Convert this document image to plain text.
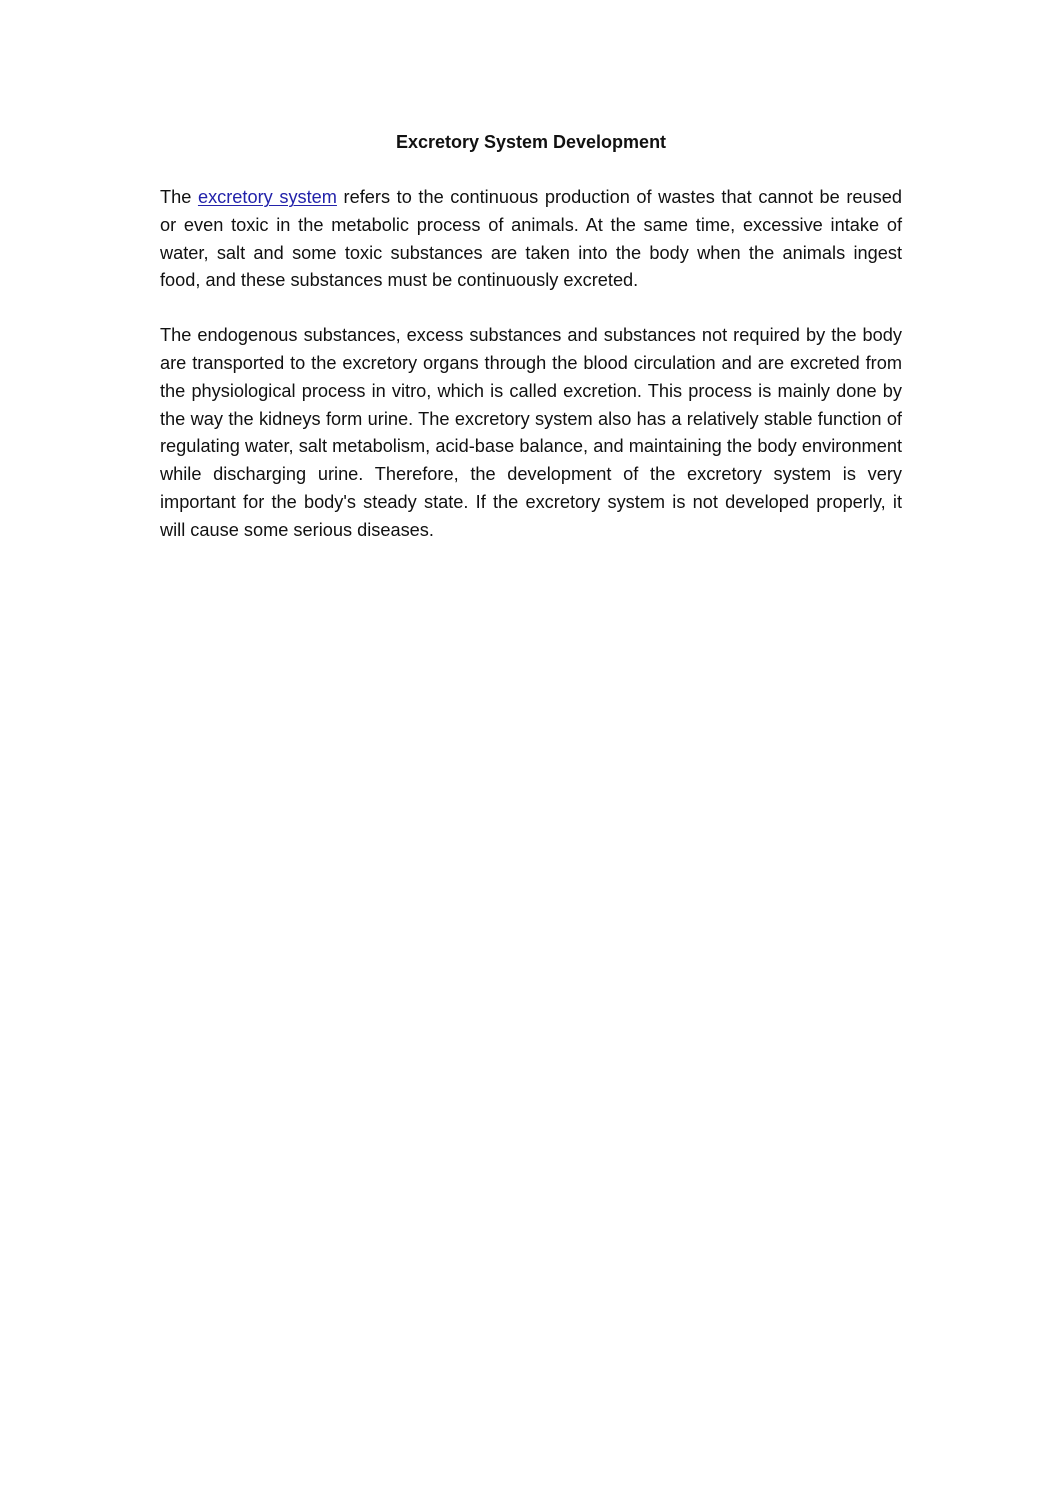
Excretory System Development

The excretory system refers to the continuous production of wastes that cannot be reused or even toxic in the metabolic process of animals. At the same time, excessive intake of water, salt and some toxic substances are taken into the body when the animals ingest food, and these substances must be continuously excreted.

The endogenous substances, excess substances and substances not required by the body are transported to the excretory organs through the blood circulation and are excreted from the physiological process in vitro, which is called excretion. This process is mainly done by the way the kidneys form urine. The excretory system also has a relatively stable function of regulating water, salt metabolism, acid-base balance, and maintaining the body environment while discharging urine. Therefore, the development of the excretory system is very important for the body's steady state. If the excretory system is not developed properly, it will cause some serious diseases.
